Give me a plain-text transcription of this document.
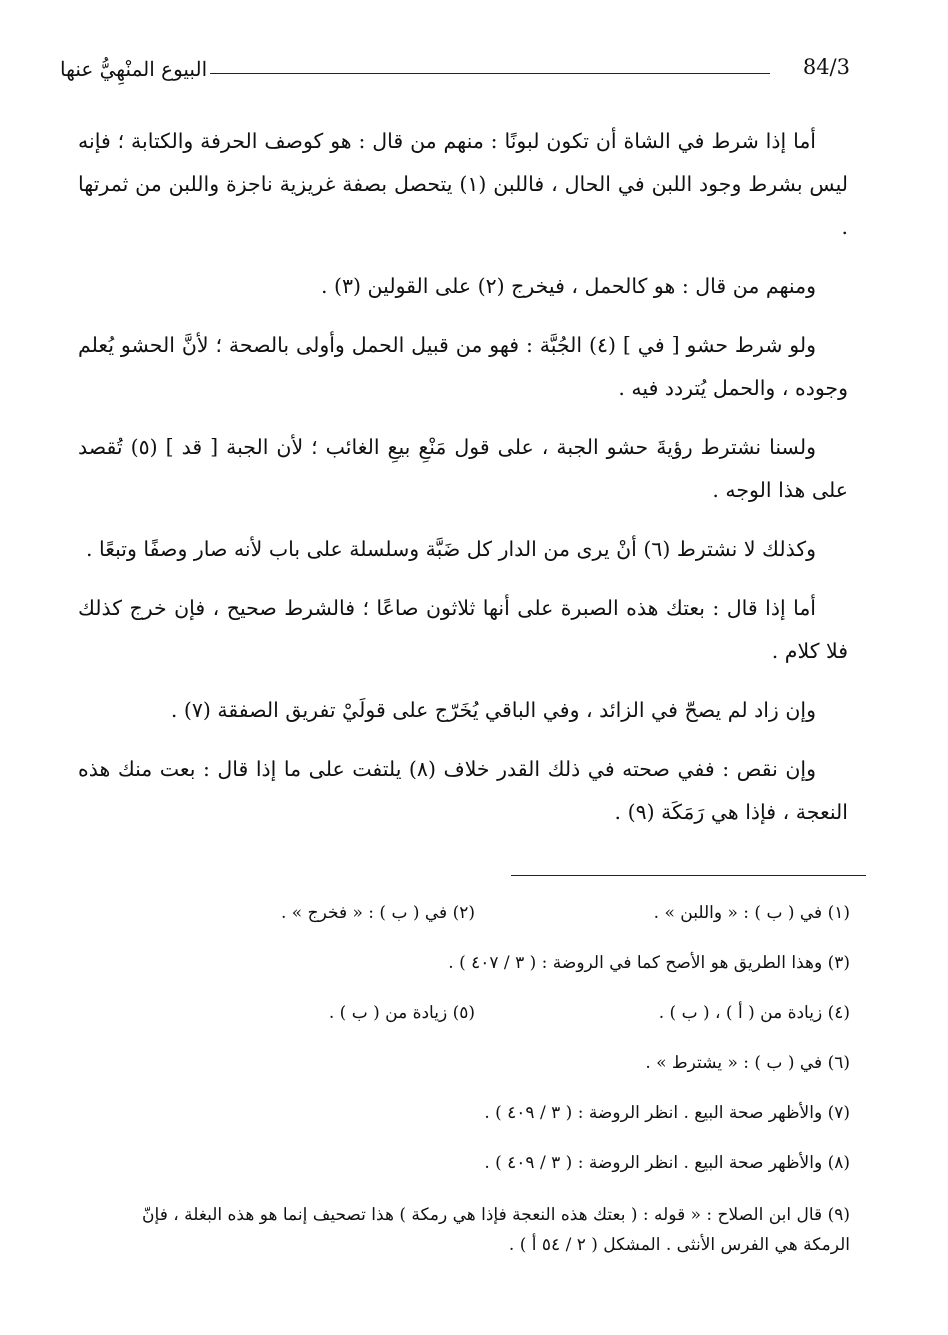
84/3
البيوع المنْهِيُّ عنها

أما إذا شرط في الشاة أن تكون لبونًا : منهم من قال : هو كوصف الحرفة والكتابة ؛ فإنه ليس بشرط وجود اللبن في الحال ، فاللبن (١) يتحصل بصفة غريزية ناجزة واللبن من ثمرتها .

ومنهم من قال : هو كالحمل ، فيخرج (٢) على القولين (٣) .

ولو شرط حشو [ في ] (٤) الجُبَّة : فهو من قبيل الحمل وأولى بالصحة ؛ لأنَّ الحشو يُعلم وجوده ، والحمل يُتردد فيه .

ولسنا نشترط رؤيةَ حشو الجبة ، على قول مَنْعِ بيعِ الغائب ؛ لأن الجبة [ قد ] (٥) تُقصد على هذا الوجه .

وكذلك لا نشترط (٦) أنْ يرى من الدار كل ضَبَّة وسلسلة على باب لأنه صار وصفًا وتبعًا .

أما إذا قال : بعتك هذه الصبرة على أنها ثلاثون صاعًا ؛ فالشرط صحيح ، فإن خرج كذلك فلا كلام .

وإن زاد لم يصحّ في الزائد ، وفي الباقي يُخَرّج على قولَيْ تفريق الصفقة (٧) .

وإن نقص : ففي صحته في ذلك القدر خلاف (٨) يلتفت على ما إذا قال : بعت منك هذه النعجة ، فإذا هي رَمَكَة (٩) .

(١) في ( ب ) : « واللبن » .
(٢) في ( ب ) : « فخرج » .
(٣) وهذا الطريق هو الأصح كما في الروضة : ( ٣ / ٤٠٧ ) .
(٤) زيادة من ( أ ) ، ( ب ) .
(٥) زيادة من ( ب ) .
(٦) في ( ب ) : « يشترط » .
(٧) والأظهر صحة البيع . انظر الروضة : ( ٣ / ٤٠٩ ) .
(٨) والأظهر صحة البيع . انظر الروضة : ( ٣ / ٤٠٩ ) .
(٩) قال ابن الصلاح : « قوله : ( بعتك هذه النعجة فإذا هي رمكة ) هذا تصحيف إنما هو هذه البغلة ، فإنّ الرمكة هي الفرس الأنثى . المشكل ( ٢ / ٥٤ أ ) .
